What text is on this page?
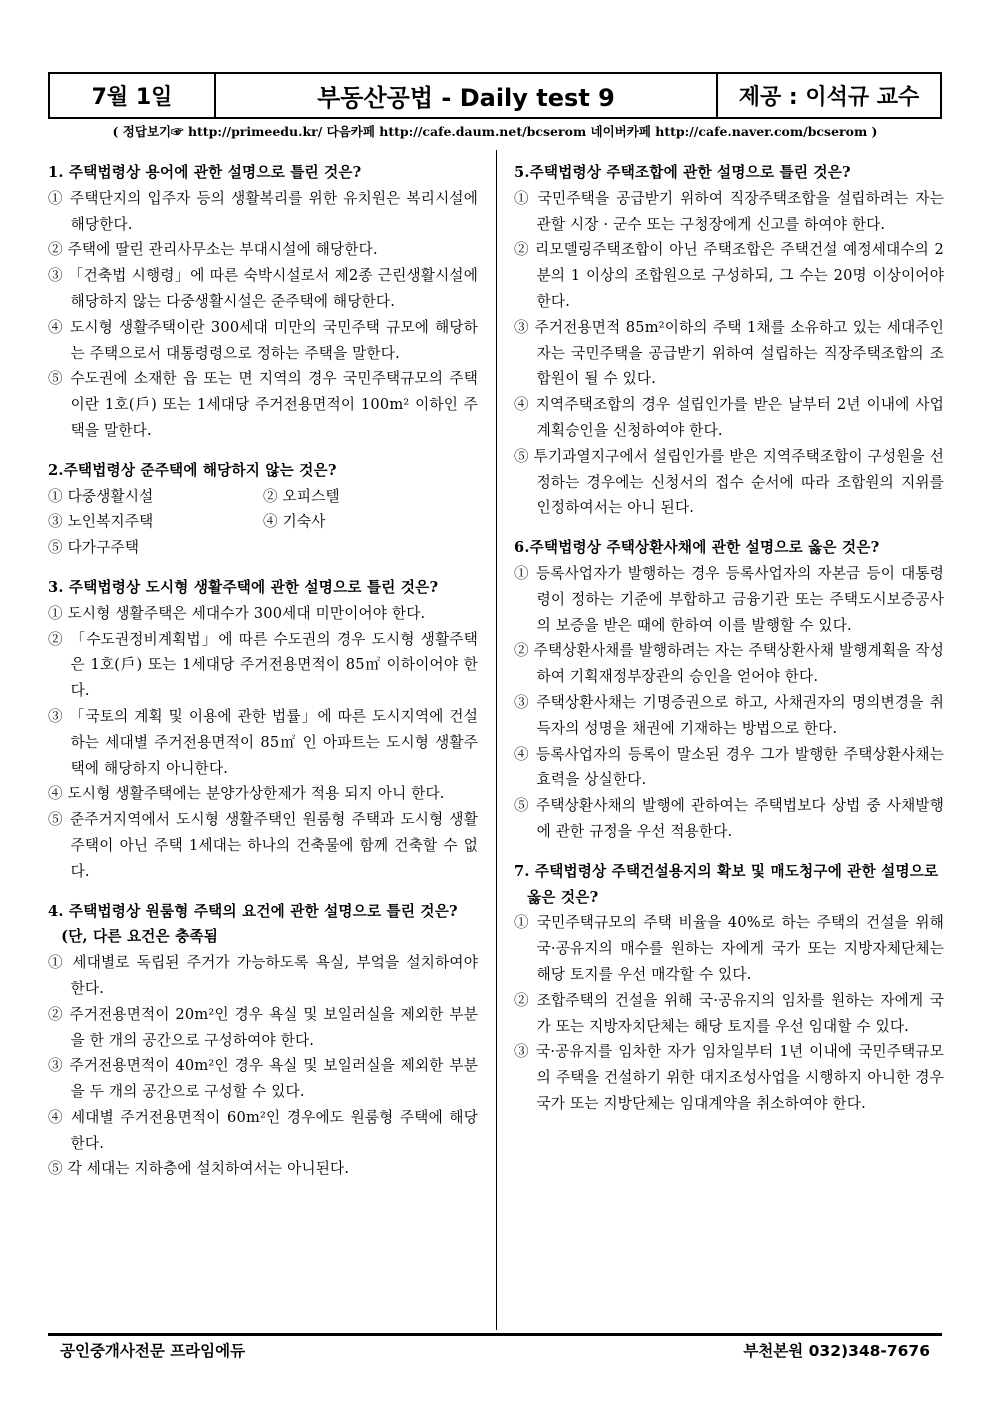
7월 1일	부동산공법 - Daily test 9	제공 : 이석규 교수
( 정답보기☞ http://primeedu.kr/ 다음카페 http://cafe.daum.net/bcserom 네이버카페 http://cafe.naver.com/bcserom )
1. 주택법령상 용어에 관한 설명으로 틀린 것은?
① 주택단지의 입주자 등의 생활복리를 위한 유치원은 복리시설에 해당한다.
② 주택에 딸린 관리사무소는 부대시설에 해당한다.
③ 「건축법 시행령」에 따른 숙박시설로서 제2종 근린생활시설에 해당하지 않는 다중생활시설은 준주택에 해당한다.
④ 도시형 생활주택이란 300세대 미만의 국민주택 규모에 해당하는 주택으로서 대통령령으로 정하는 주택을 말한다.
⑤ 수도권에 소재한 읍 또는 면 지역의 경우 국민주택규모의 주택이란 1호(戶) 또는 1세대당 주거전용면적이 100m² 이하인 주택을 말한다.
2.주택법령상 준주택에 해당하지 않는 것은?
① 다중생활시설	② 오피스텔
③ 노인복지주택	④ 기숙사
⑤ 다가구주택
3. 주택법령상 도시형 생활주택에 관한 설명으로 틀린 것은?
① 도시형 생활주택은 세대수가 300세대 미만이어야 한다.
② 「수도권정비계획법」에 따른 수도권의 경우 도시형 생활주택은 1호(戶) 또는 1세대당 주거전용면적이 85㎡ 이하이어야 한다.
③ 「국토의 계획 및 이용에 관한 법률」에 따른 도시지역에 건설하는 세대별 주거전용면적이 85㎡ 인 아파트는 도시형 생활주택에 해당하지 아니한다.
④ 도시형 생활주택에는 분양가상한제가 적용 되지 아니 한다.
⑤ 준주거지역에서 도시형 생활주택인 원룸형 주택과 도시형 생활주택이 아닌 주택 1세대는 하나의 건축물에 함께 건축할 수 없다.
4. 주택법령상 원룸형 주택의 요건에 관한 설명으로 틀린 것은?(단, 다른 요건은 충족됨
① 세대별로 독립된 주거가 가능하도록 욕실, 부엌을 설치하여야 한다.
② 주거전용면적이 20m²인 경우 욕실 및 보일러실을 제외한 부분을 한 개의 공간으로 구성하여야 한다.
③ 주거전용면적이 40m²인 경우 욕실 및 보일러실을 제외한 부분을 두 개의 공간으로 구성할 수 있다.
④ 세대별 주거전용면적이 60m²인 경우에도 원룸형 주택에 해당한다.
⑤ 각 세대는 지하층에 설치하여서는 아니된다.
5.주택법령상 주택조합에 관한 설명으로 틀린 것은?
① 국민주택을 공급받기 위하여 직장주택조합을 설립하려는 자는 관할 시장 · 군수 또는 구청장에게 신고를 하여야 한다.
② 리모델링주택조합이 아닌 주택조합은 주택건설 예정세대수의 2분의 1 이상의 조합원으로 구성하되, 그 수는 20명 이상이어야 한다.
③ 주거전용면적 85m²이하의 주택 1채를 소유하고 있는 세대주인 자는 국민주택을 공급받기 위하여 설립하는 직장주택조합의 조합원이 될 수 있다.
④ 지역주택조합의 경우 설립인가를 받은 날부터 2년 이내에 사업계획승인을 신청하여야 한다.
⑤ 투기과열지구에서 설립인가를 받은 지역주택조합이 구성원을 선정하는 경우에는 신청서의 접수 순서에 따라 조합원의 지위를 인정하여서는 아니 된다.
6.주택법령상 주택상환사채에 관한 설명으로 옳은 것은?
① 등록사업자가 발행하는 경우 등록사업자의 자본금 등이 대통령령이 정하는 기준에 부합하고 금융기관 또는 주택도시보증공사의 보증을 받은 때에 한하여 이를 발행할 수 있다.
② 주택상환사채를 발행하려는 자는 주택상환사채 발행계획을 작성하여 기획재정부장관의 승인을 얻어야 한다.
③ 주택상환사채는 기명증권으로 하고, 사채권자의 명의변경을 취득자의 성명을 채권에 기재하는 방법으로 한다.
④ 등록사업자의 등록이 말소된 경우 그가 발행한 주택상환사채는 효력을 상실한다.
⑤ 주택상환사채의 발행에 관하여는 주택법보다 상법 중 사채발행에 관한 규정을 우선 적용한다.
7. 주택법령상 주택건설용지의 확보 및 매도청구에 관한 설명으로 옳은 것은?
① 국민주택규모의 주택 비율을 40%로 하는 주택의 건설을 위해 국·공유지의 매수를 원하는 자에게 국가 또는 지방자체단체는 해당 토지를 우선 매각할 수 있다.
② 조합주택의 건설을 위해 국·공유지의 임차를 원하는 자에게 국가 또는 지방자치단체는 해당 토지를 우선 임대할 수 있다.
③ 국·공유지를 임차한 자가 임차일부터 1년 이내에 국민주택규모의 주택을 건설하기 위한 대지조성사업을 시행하지 아니한 경우 국가 또는 지방단체는 임대계약을 취소하여야 한다.
공인중개사전문 프라임에듀	부천본원 032)348-7676
